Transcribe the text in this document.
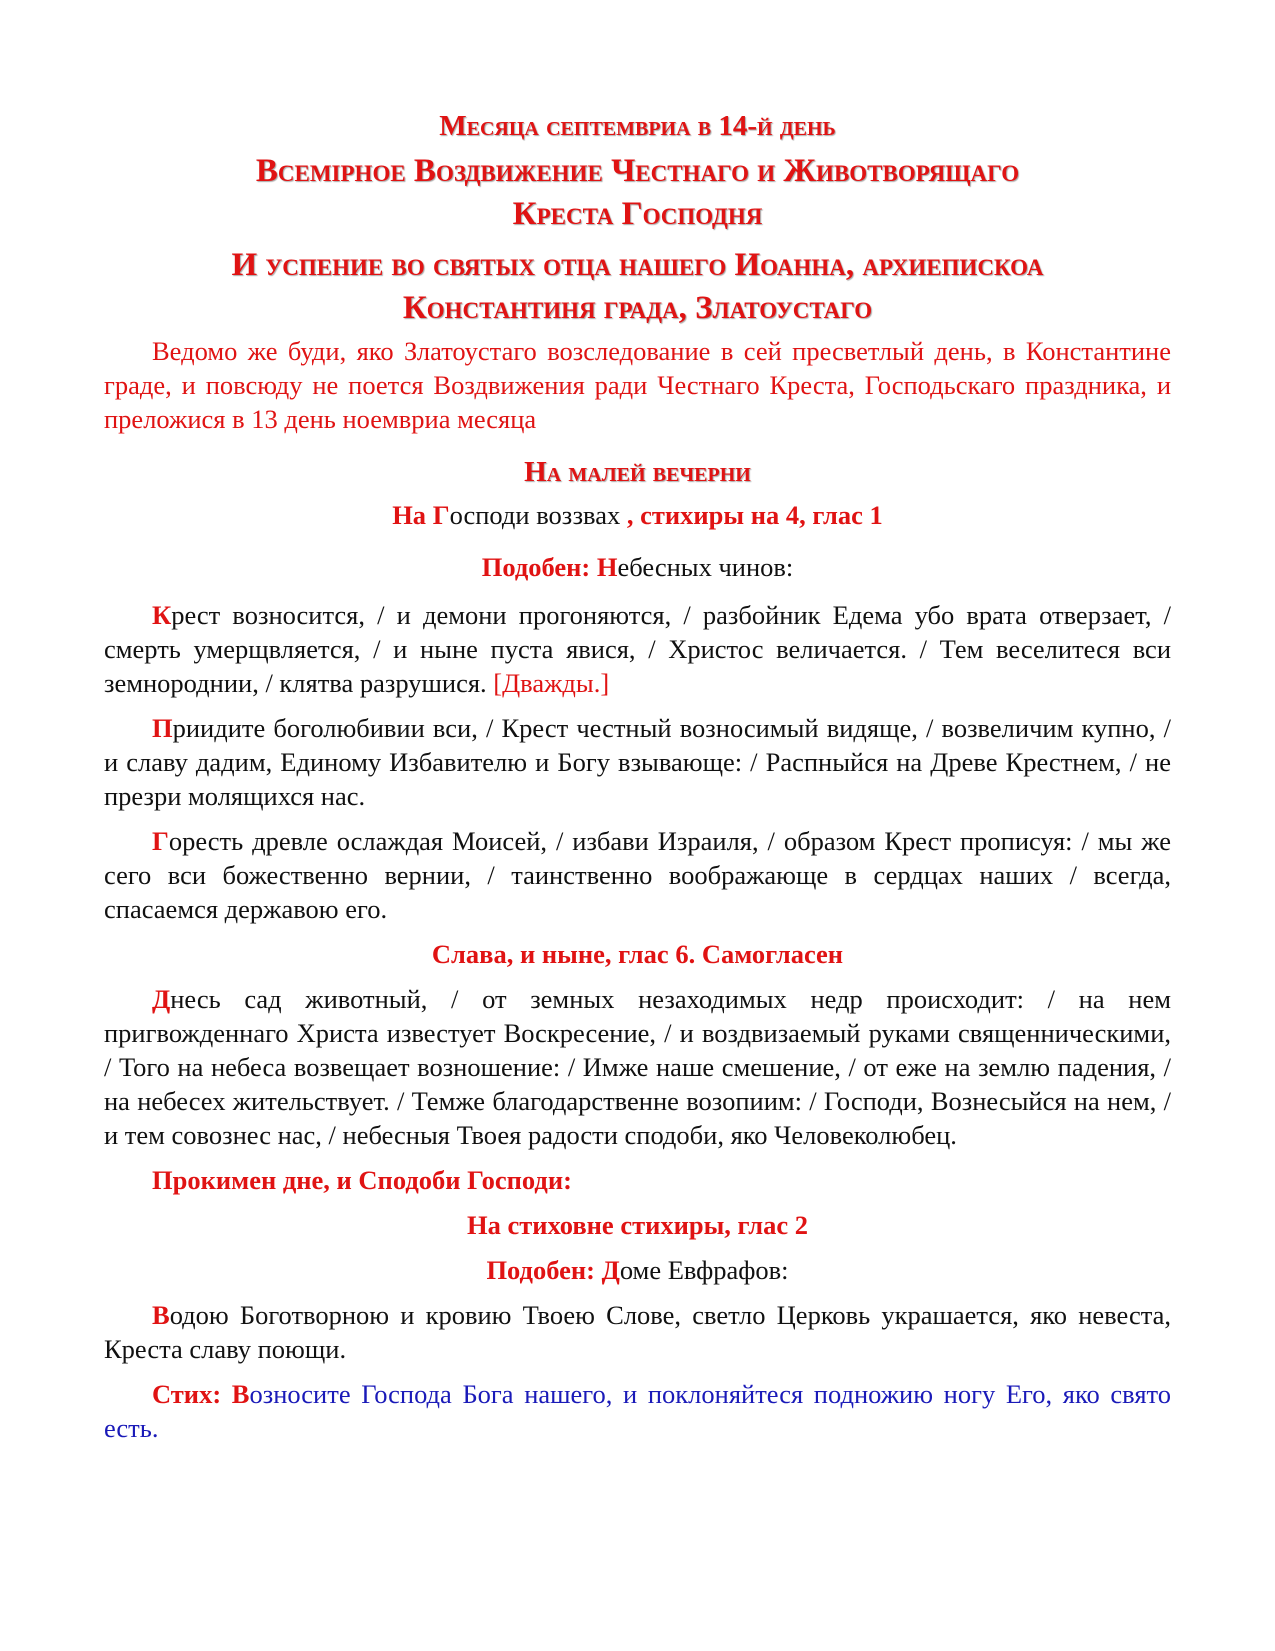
Месяца септемвриа в 14-й день
Всемірное Воздвижение Честнаго и Животворящаго
Креста Господня
И успение во святых отца нашего Иоанна, архиепискоа
Константиня града, Златоустаго

Ведомо же буди, яко Златоустаго возследование в сей пресветлый день, в Константине граде, и повсюду не поется Воздвижения ради Честнаго Креста, Господьскаго праздника, и преложися в 13 день ноемвриа месяца

На малей вечерни
На Господи воззвах , стихиры на 4, глас 1
Подобен: Небесных чинов:

Крест возносится, / и демони прогоняются, / разбойник Едема убо врата отверзает, / смерть умерщвляется, / и ныне пуста явися, / Христос величается. / Тем веселитеся вси земнороднии, / клятва разрушися. [Дважды.]

Приидите боголюбивии вси, / Крест честный возносимый видяще, / возвеличим купно, / и славу дадим, Единому Избавителю и Богу взывающе: / Распныйся на Древе Крестнем, / не презри молящихся нас.

Горесть древле ослаждая Моисей, / избави Израиля, / образом Крест прописуя: / мы же сего вси божественно вернии, / таинственно воображающе в сердцах наших / всегда, спасаемся державою его.

Слава, и ныне, глас 6. Самогласен

Днесь сад животный, / от земных незаходимых недр происходит: / на нем пригвожденнаго Христа известует Воскресение, / и воздвизаемый руками священническими, / Того на небеса возвещает возношение: / Имже наше смешение, / от еже на землю падения, / на небесех жительствует. / Темже благодарственне возопиим: / Господи, Вознесыйся на нем, / и тем совознес нас, / небесныя Твоея радости сподоби, яко Человеколюбец.

Прокимен дне, и Сподоби Господи:
На стиховне стихиры, глас 2
Подобен: Доме Евфрафов:

Водою Боготворною и кровию Твоею Слове, светло Церковь украшается, яко невеста, Креста славу поющи.

Стих: Возносите Господа Бога нашего, и поклоняйтеся подножию ногу Его, яко свято есть.
